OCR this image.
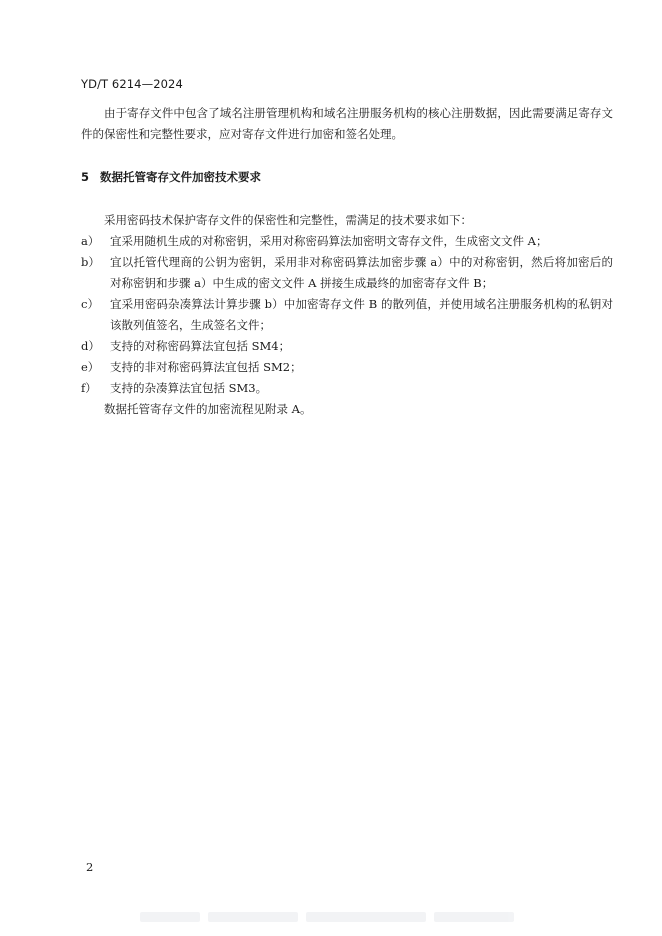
YD/T 6214—2024

由于寄存文件中包含了域名注册管理机构和域名注册服务机构的核心注册数据，因此需要满足寄存文件的保密性和完整性要求，应对寄存文件进行加密和签名处理。

5 数据托管寄存文件加密技术要求

采用密码技术保护寄存文件的保密性和完整性，需满足的技术要求如下：

a） 宜采用随机生成的对称密钥，采用对称密码算法加密明文寄存文件，生成密文文件 A；
b） 宜以托管代理商的公钥为密钥，采用非对称密码算法加密步骤 a）中的对称密钥，然后将加密后的对称密钥和步骤 a）中生成的密文文件 A 拼接生成最终的加密寄存文件 B；
c） 宜采用密码杂凑算法计算步骤 b）中加密寄存文件 B 的散列值，并使用域名注册服务机构的私钥对该散列值签名，生成签名文件；
d） 支持的对称密码算法宜包括 SM4；
e） 支持的非对称密码算法宜包括 SM2；
f） 支持的杂凑算法宜包括 SM3。

数据托管寄存文件的加密流程见附录 A。

2
